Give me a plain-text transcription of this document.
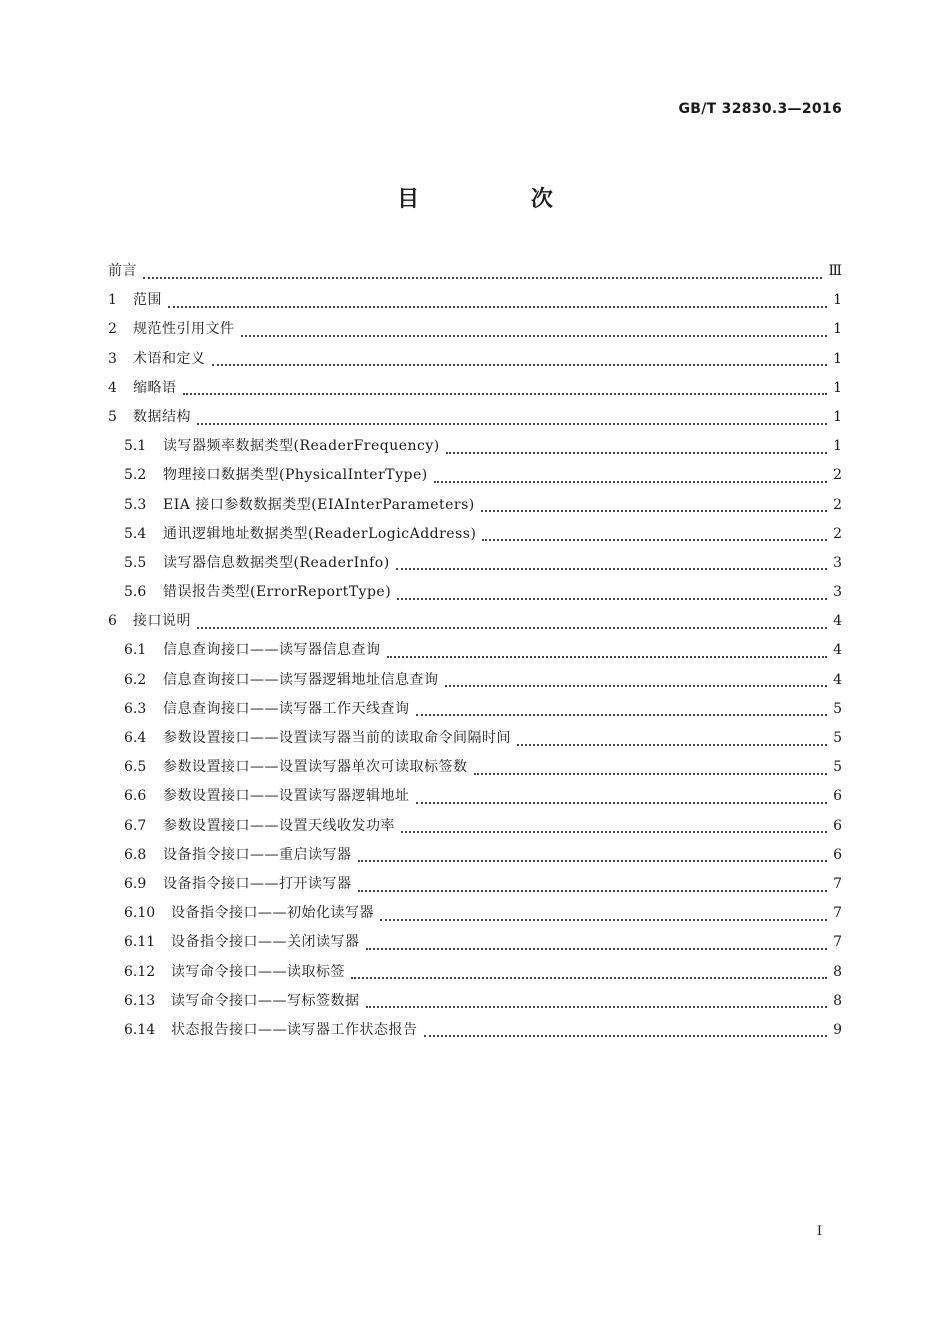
GB/T 32830.3—2016
目 次
前言	Ⅲ
1	范围	1
2	规范性引用文件	1
3	术语和定义	1
4	缩略语	1
5	数据结构	1
5.1	读写器频率数据类型(ReaderFrequency)	1
5.2	物理接口数据类型(PhysicalInterType)	2
5.3	EIA 接口参数数据类型(EIAInterParameters)	2
5.4	通讯逻辑地址数据类型(ReaderLogicAddress)	2
5.5	读写器信息数据类型(ReaderInfo)	3
5.6	错误报告类型(ErrorReportType)	3
6	接口说明	4
6.1	信息查询接口——读写器信息查询	4
6.2	信息查询接口——读写器逻辑地址信息查询	4
6.3	信息查询接口——读写器工作天线查询	5
6.4	参数设置接口——设置读写器当前的读取命令间隔时间	5
6.5	参数设置接口——设置读写器单次可读取标签数	5
6.6	参数设置接口——设置读写器逻辑地址	6
6.7	参数设置接口——设置天线收发功率	6
6.8	设备指令接口——重启读写器	6
6.9	设备指令接口——打开读写器	7
6.10	设备指令接口——初始化读写器	7
6.11	设备指令接口——关闭读写器	7
6.12	读写命令接口——读取标签	8
6.13	读写命令接口——写标签数据	8
6.14	状态报告接口——读写器工作状态报告	9
I
